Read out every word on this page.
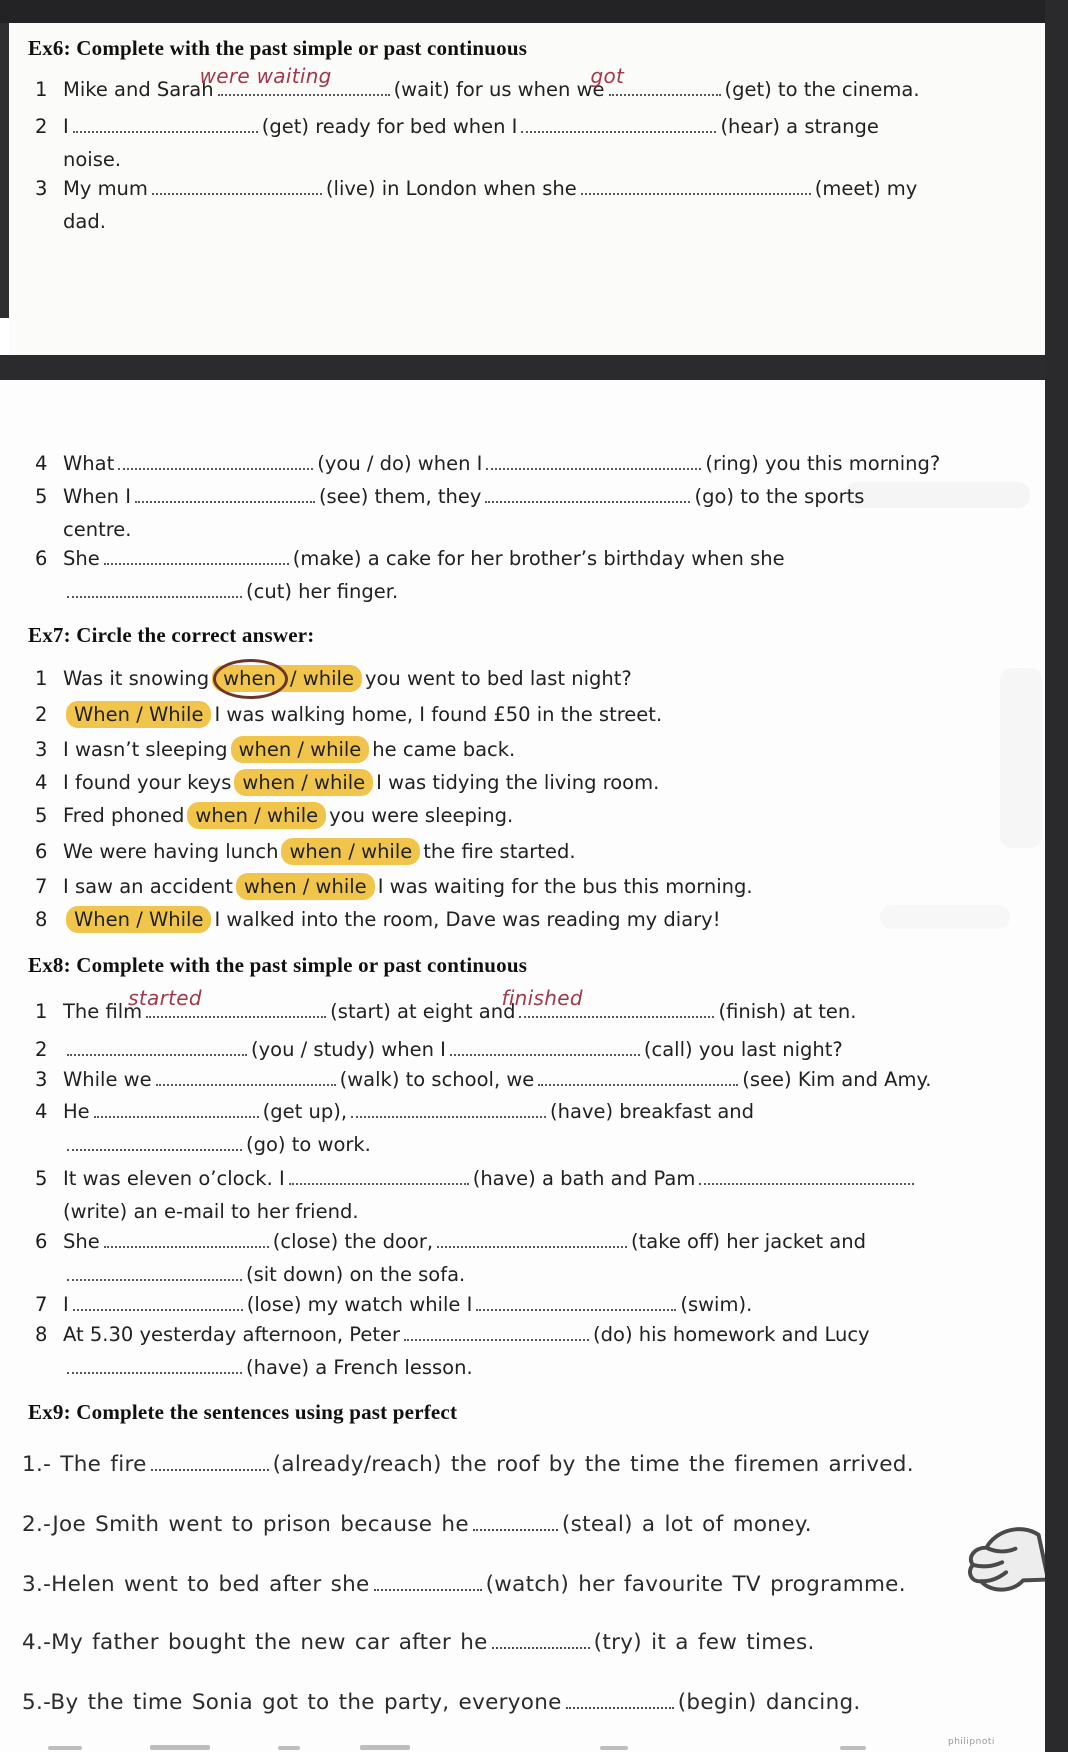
Ex6: Complete with the past simple or past continuous
1 Mike and Sarah
were waiting
(wait) for us when we
got
(get) to the cinema.
2 I	(get) ready for bed when I	(hear) a strange
noise.
3 My mum	(live) in London when she	(meet) my
dad.
4 What	(you / do) when I	(ring) you this morning?
5 When I	(see) them, they	(go) to the sports
centre.
6 She	(make) a cake for her brother’s birthday when she
(cut) her finger.
Ex7: Circle the correct answer:
1 Was it snowing when / while you went to bed last night?
2 When / While I was walking home, I found £50 in the street.
3 I wasn’t sleeping when / while he came back.
4 I found your keys when / while I was tidying the living room.
5 Fred phoned when / while you were sleeping.
6 We were having lunch when / while the fire started.
7 I saw an accident when / while I was waiting for the bus this morning.
8 When / While I walked into the room, Dave was reading my diary!
Ex8: Complete with the past simple or past continuous
1 The film
started
(start) at eight and
finished
(finish) at ten.
2	(you / study) when I	(call) you last night?
3 While we	(walk) to school, we	(see) Kim and Amy.
4 He	(get up),	(have) breakfast and
(go) to work.
5 It was eleven o’clock. I	(have) a bath and Pam
(write) an e-mail to her friend.
6 She	(close) the door,	(take off) her jacket and
(sit down) on the sofa.
7 I	(lose) my watch while I	(swim).
8 At 5.30 yesterday afternoon, Peter	(do) his homework and Lucy
(have) a French lesson.
Ex9: Complete the sentences using past perfect
1.- The fire	(already/reach) the roof by the time the firemen arrived.
2.-Joe Smith went to prison because he	(steal) a lot of money.
3.-Helen went to bed after she	(watch) her favourite TV programme.
4.-My father bought the new car after he	(try) it a few times.
5.-By the time Sonia got to the party, everyone	(begin) dancing.
philipnoti
